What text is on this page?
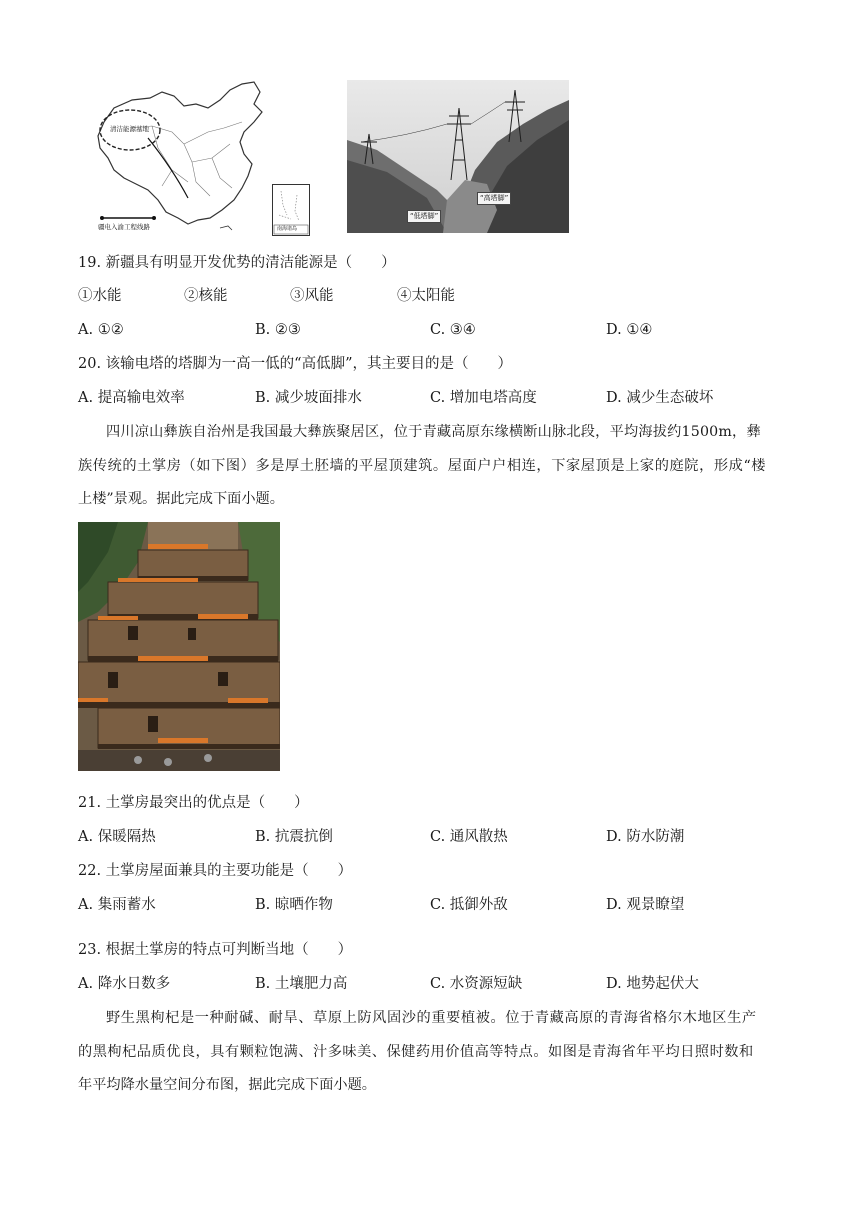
清洁能源基地
疆电入渝工程线路	南海诸岛
“低塔脚”
“高塔脚”
19. 新疆具有明显开发优势的清洁能源是（　　）
①水能	②核能	③风能	④太阳能
A. ①②	B. ②③	C. ③④	D. ①④
20. 该输电塔的塔脚为一高一低的“高低脚”，其主要目的是（　　）
A. 提高输电效率	B. 减少坡面排水	C. 增加电塔高度	D. 减少生态破坏
四川凉山彝族自治州是我国最大彝族聚居区，位于青藏高原东缘横断山脉北段，平均海拔约1500m，彝
族传统的土掌房（如下图）多是厚土胚墙的平屋顶建筑。屋面户户相连，下家屋顶是上家的庭院，形成“楼
上楼”景观。据此完成下面小题。
21. 土掌房最突出的优点是（　　）
A. 保暖隔热	B. 抗震抗倒	C. 通风散热	D. 防水防潮
22. 土掌房屋面兼具的主要功能是（　　）
A. 集雨蓄水	B. 晾晒作物	C. 抵御外敌	D. 观景瞭望
23. 根据土掌房的特点可判断当地（　　）
A. 降水日数多	B. 土壤肥力高	C. 水资源短缺	D. 地势起伏大
野生黑枸杞是一种耐碱、耐旱、草原上防风固沙的重要植被。位于青藏高原的青海省格尔木地区生产
的黑枸杞品质优良，具有颗粒饱满、汁多味美、保健药用价值高等特点。如图是青海省年平均日照时数和
年平均降水量空间分布图，据此完成下面小题。
